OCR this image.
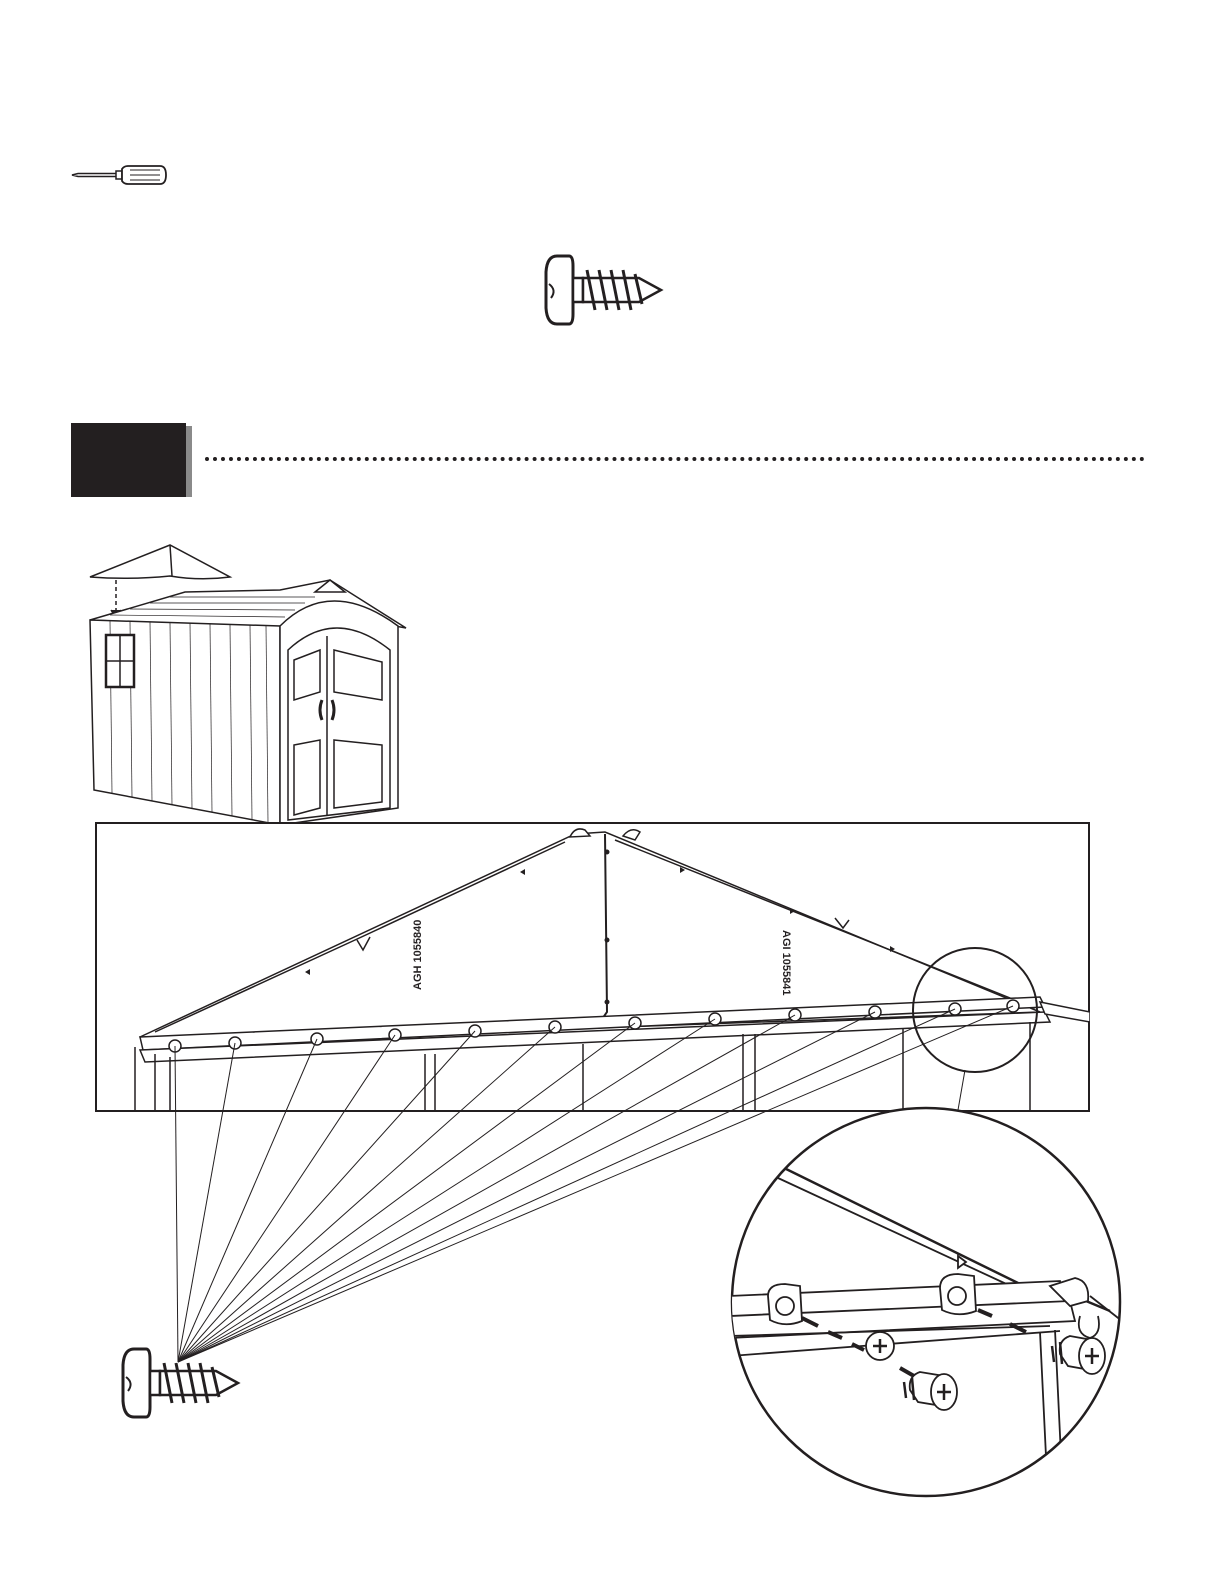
AGH 1055840	AGI 1055841
